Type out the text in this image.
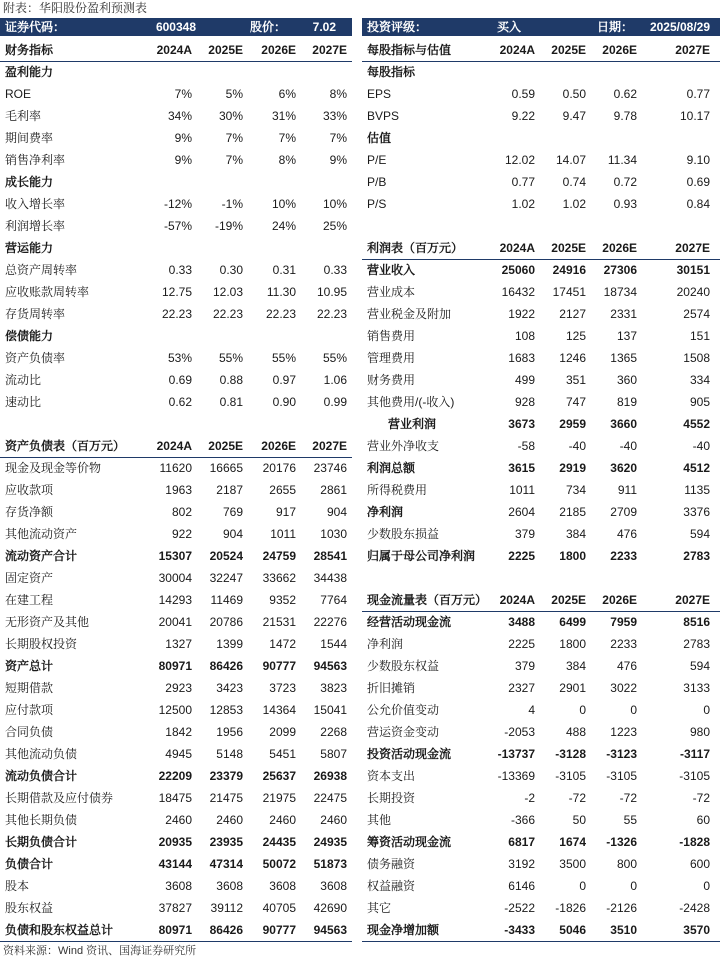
附表：华阳股份盈利预测表
证券代码：	600348	股价：	7.02	投资评级：	买入	日期：	2025/08/29
财务指标	2024A	2025E	2026E	2027E
盈利能力
ROE	7%	5%	6%	8%
毛利率	34%	30%	31%	33%
期间费率	9%	7%	7%	7%
销售净利率	9%	7%	8%	9%
成长能力
收入增长率	-12%	-1%	10%	10%
利润增长率	-57%	-19%	24%	25%
营运能力
总资产周转率	0.33	0.30	0.31	0.33
应收账款周转率	12.75	12.03	11.30	10.95
存货周转率	22.23	22.23	22.23	22.23
偿债能力
资产负债率	53%	55%	55%	55%
流动比	0.69	0.88	0.97	1.06
速动比	0.62	0.81	0.90	0.99
资产负债表（百万元）	2024A	2025E	2026E	2027E
现金及现金等价物	11620	16665	20176	23746
应收款项	1963	2187	2655	2861
存货净额	802	769	917	904
其他流动资产	922	904	1011	1030
流动资产合计	15307	20524	24759	28541
固定资产	30004	32247	33662	34438
在建工程	14293	11469	9352	7764
无形资产及其他	20041	20786	21531	22276
长期股权投资	1327	1399	1472	1544
资产总计	80971	86426	90777	94563
短期借款	2923	3423	3723	3823
应付款项	12500	12853	14364	15041
合同负债	1842	1956	2099	2268
其他流动负债	4945	5148	5451	5807
流动负债合计	22209	23379	25637	26938
长期借款及应付债券	18475	21475	21975	22475
其他长期负债	2460	2460	2460	2460
长期负债合计	20935	23935	24435	24935
负债合计	43144	47314	50072	51873
股本	3608	3608	3608	3608
股东权益	37827	39112	40705	42690
负债和股东权益总计	80971	86426	90777	94563
每股指标与估值	2024A	2025E	2026E	2027E
每股指标
EPS	0.59	0.50	0.62	0.77
BVPS	9.22	9.47	9.78	10.17
估值
P/E	12.02	14.07	11.34	9.10
P/B	0.77	0.74	0.72	0.69
P/S	1.02	1.02	0.93	0.84
利润表（百万元）	2024A	2025E	2026E	2027E
营业收入	25060	24916	27306	30151
营业成本	16432	17451	18734	20240
营业税金及附加	1922	2127	2331	2574
销售费用	108	125	137	151
管理费用	1683	1246	1365	1508
财务费用	499	351	360	334
其他费用/(-收入)	928	747	819	905
营业利润	3673	2959	3660	4552
营业外净收支	-58	-40	-40	-40
利润总额	3615	2919	3620	4512
所得税费用	1011	734	911	1135
净利润	2604	2185	2709	3376
少数股东损益	379	384	476	594
归属于母公司净利润	2225	1800	2233	2783
现金流量表（百万元）	2024A	2025E	2026E	2027E
经营活动现金流	3488	6499	7959	8516
净利润	2225	1800	2233	2783
少数股东权益	379	384	476	594
折旧摊销	2327	2901	3022	3133
公允价值变动	4	0	0	0
营运资金变动	-2053	488	1223	980
投资活动现金流	-13737	-3128	-3123	-3117
资本支出	-13369	-3105	-3105	-3105
长期投资	-2	-72	-72	-72
其他	-366	50	55	60
筹资活动现金流	6817	1674	-1326	-1828
债务融资	3192	3500	800	600
权益融资	6146	0	0	0
其它	-2522	-1826	-2126	-2428
现金净增加额	-3433	5046	3510	3570
资料来源：Wind 资讯、国海证券研究所
